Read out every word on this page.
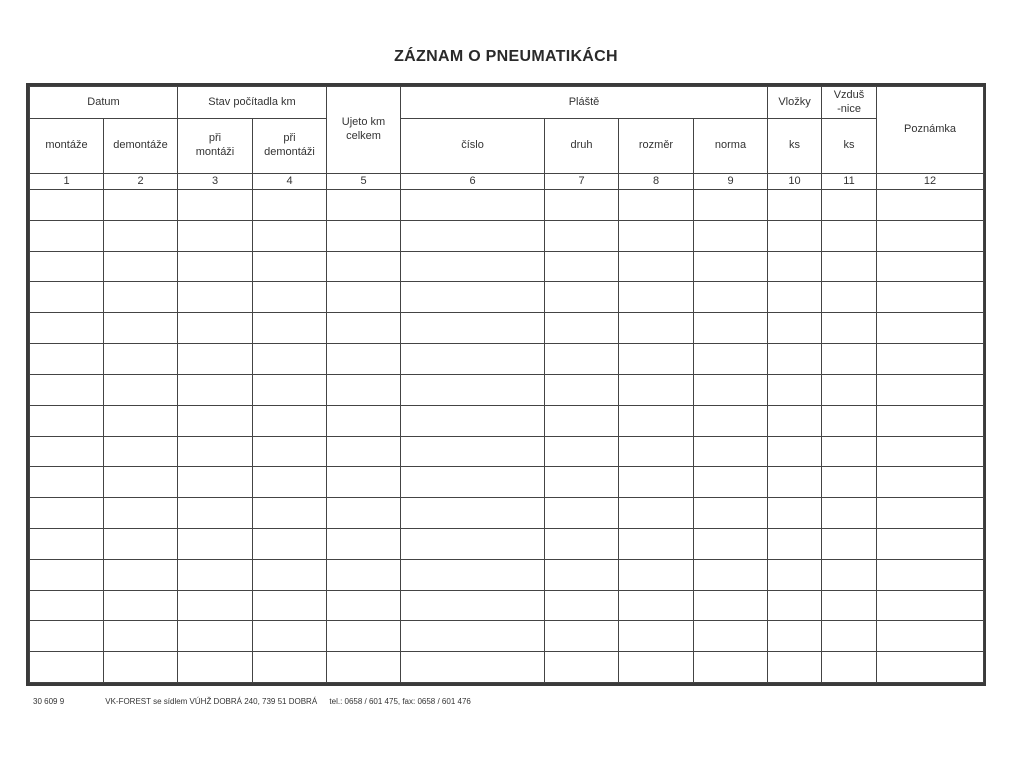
ZÁZNAM O PNEUMATIKÁCH
Datum		Stav počítadla km		Ujeto km celkem	Pláště				Vložky	Vzduš-nice	Poznámka
montáže	demontáže	při montáži	při demontáži		číslo	druh	rozměr	norma	ks	ks	
1	2	3	4	5	6	7	8	9	10	11	12

30 609 9	VK-FOREST se sídlem VÚHŽ DOBRÁ 240, 739 51 DOBRÁ tel.: 0658 / 601 475, fax: 0658 / 601 476
